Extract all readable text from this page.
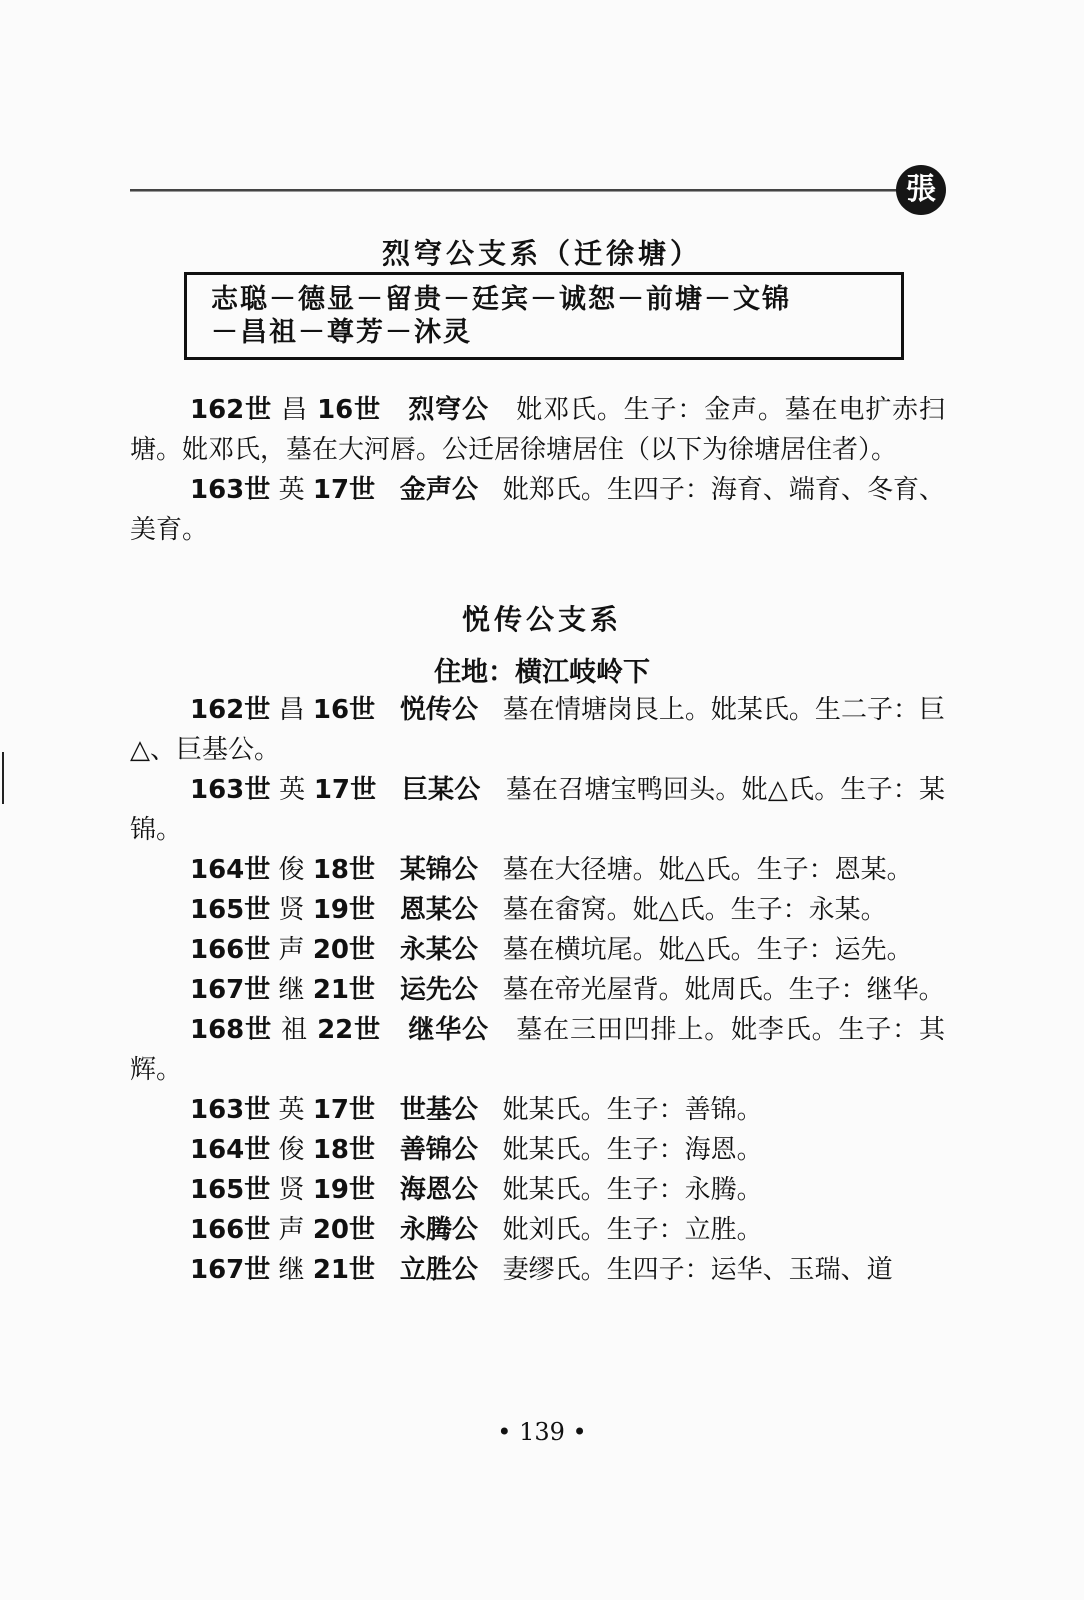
張
烈穹公支系（迁徐塘）
志聪－德显－留贵－廷宾－诚恕－前塘－文锦
－昌祖－尊芳－沐灵

162世 昌 16世 烈穹公 妣邓氏。生子：金声。墓在电扩赤扫塘。妣邓氏，墓在大河唇。公迁居徐塘居住（以下为徐塘居住者）。

163世 英 17世 金声公 妣郑氏。生四子：海育、端育、冬育、美育。

悦传公支系
住地：横江岐岭下

162世 昌 16世 悦传公 墓在情塘岗艮上。妣某氏。生二子：巨△、巨基公。

163世 英 17世 巨某公 墓在召塘宝鸭回头。妣△氏。生子：某锦。

164世 俊 18世 某锦公 墓在大径塘。妣△氏。生子：恩某。

165世 贤 19世 恩某公 墓在畲窝。妣△氏。生子：永某。

166世 声 20世 永某公 墓在横坑尾。妣△氏。生子：运先。

167世 继 21世 运先公 墓在帝光屋背。妣周氏。生子：继华。

168世 祖 22世 继华公 墓在三田凹排上。妣李氏。生子：其辉。

163世 英 17世 世基公 妣某氏。生子：善锦。

164世 俊 18世 善锦公 妣某氏。生子：海恩。

165世 贤 19世 海恩公 妣某氏。生子：永腾。

166世 声 20世 永腾公 妣刘氏。生子：立胜。

167世 继 21世 立胜公 妻缪氏。生四子：运华、玉瑞、道

• 139 •
